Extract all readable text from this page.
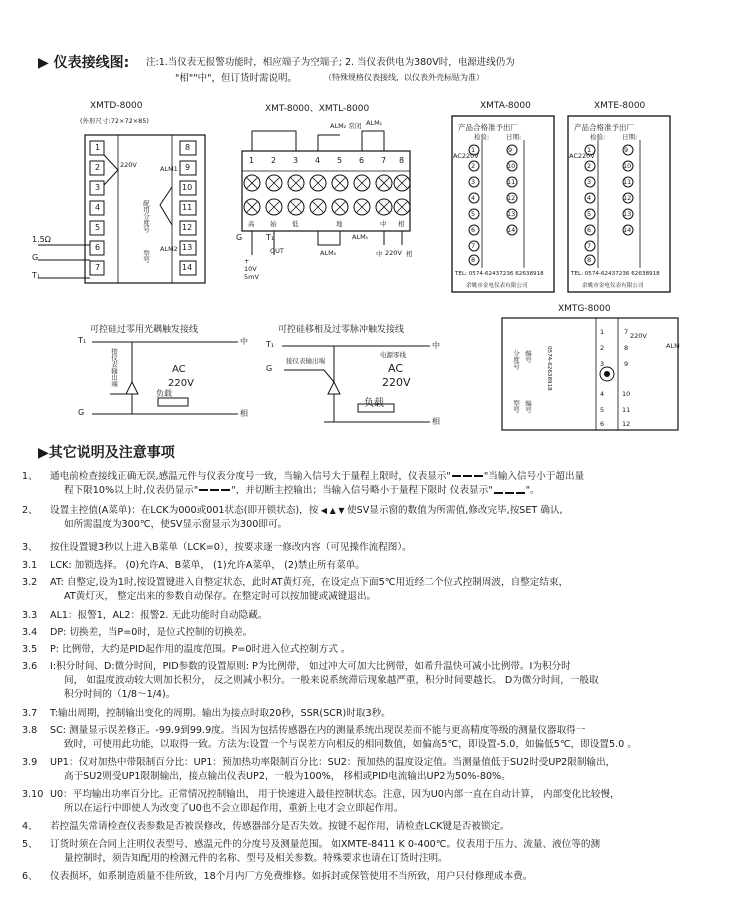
▶ 仪表接线图: 注:1.当仪表无报警功能时，相应端子为空端子; 2. 当仪表供电为380V时，电源进线仍为
"相""中"，但订货时需说明。	（特殊规格仪表接线，以仪表外壳标贴为准）
XMTD-8000
(外形尺寸:72×72×85)
1
2
3
4
5
6
7
8
9
10
11
12
13
14
220V	ALM1
ALM2
配用分度号
型号
1.5Ω
G
T₁
XMT-8000、XMTL-8000
1 2 3 4 5 6 7 8
ALM₂ 常闭 ALM₁
高 始 低	地	中 相
G	T₁
OUT	ALM₂
ALM₁
中 220V 相
+
10V
5mV
XMTA-8000
产品合格准予出厂
检验:	日期:
AC220V
1
2
3
4
5
6
7
8
9
10
11
12
13
14
TEL: 0574-62437236 62638918
余姚市金电仪表有限公司
XMTE-8000
产品合格准予出厂
检验:	日期:
AC220V
1
2
3
4
5
6
7
8
9
10
11
12
13
14
TEL: 0574-62437236 62638918
余姚市金电仪表有限公司
可控硅过零用光耦触发接线
T₁
G
中
相
接仪表输出端	AC
220V
负载
可控硅移相及过零脉冲触发接线
T₁
G
中
相
接仪表输出端
电源零线
AC
220V
负载
XMTG-8000
分度号 编号
型号 编号
0574-62638918	ALM
220V
1
2
3
4
5
6
7
8
9
10
11
12
▶其它说明及注意事项
1、 通电前检查接线正确无误,感温元件与仪表分度号一致，当输入信号大于量程上限时，仪表显示"	"当输入信号小于超出量
程下限10%以上时,仪表仍显示"	"，并切断主控输出；当输入信号略小于量程下限时 仪表显示"	"。
2、 设置主控值(A菜单)：在LCK为000或001状态(即开锁状态)，按 ◀ ▲ ▼ 使SV显示窗的数值为所需值,修改完毕,按SET 确认,
如所需温度为300℃，使SV显示窗显示为300即可。
3、 按住设置键3秒以上进入B菜单（LCK=0），按要求逐一修改内容（可见操作流程图）。
3.1 LCK: 加锁选择。 (0)允许A、B菜单， (1)允许A菜单， (2)禁止所有菜单。
3.2 AT: 自整定,设为1时,按设置键进入自整定状态，此时AT黄灯亮，在设定点下面5℃用近经二个位式控制周波，自整定结束，
AT黄灯灭， 整定出来的参数自动保存。在整定时可以按加键或减键退出。
3.3 AL1：报警1，AL2：报警2. 无此功能时自动隐藏。
3.4 DP: 切换差，当P=0时，是位式控制的切换差。
3.5 P: 比例带，大约是PID起作用的温度范围。P=0时进入位式控制方式 。
3.6 I:积分时间、D:微分时间，PID参数的设置原则: P为比例带， 如过冲大可加大比例带，如希升温快可减小比例带。I为积分时
间， 如温度波动较大则加长积分， 反之则减小积分。一般来说系统滞后现象越严重，积分时间要越长。 D为微分时间，一般取
积分时间的（1/8～1/4)。
3.7 T:输出周期，控制输出变化的周期。输出为接点时取20秒，SSR(SCR)时取3秒。
3.8 SC: 测量显示误差修正。-99.9到99.9度。当因为包括传感器在内的测量系统出现误差而不能与更高精度等级的测量仪器取得一
致时，可使用此功能，以取得一致。方法为:设置一个与误差方向相反的相同数值，如偏高5℃，即设置-5.0，如偏低5℃，即设置5.0 。
3.9 UP1：仅对加热中带限制百分比：UP1：预加热功率限制百分比：SU2：预加热的温度设定值。当测量值低于SU2时受UP2限制输出，
高于SU2则受UP1限制输出，接点输出仪表UP2，一般为100%， 移相或PID电流输出UP2为50%-80%。
3.10 U0：平均输出功率百分比。正常情况控制输出， 用于快速进入最佳控制状态。注意，因为U0内部一直在自动计算， 内部变化比较慢，
所以在运行中即使人为改变了U0也不会立即起作用，重新上电才会立即起作用。
4、 若控温失常请检查仪表参数是否被误修改，传感器部分是否失效。按键不起作用，请检查LCK键是否被锁定。
5、 订货时须在合同上注明仪表型号、感温元件的分度号及测量范围。 如XMTE-8411 K 0-400℃。仪表用于压力、流量、液位等的测
量控制时，须告知配用的检测元件的名称、型号及相关参数。特殊要求也请在订货时注明。
6、 仪表损坏，如系制造质量不佳所致，18个月内厂方免费维修。如拆封或保管使用不当所致，用户只付修理成本费。
